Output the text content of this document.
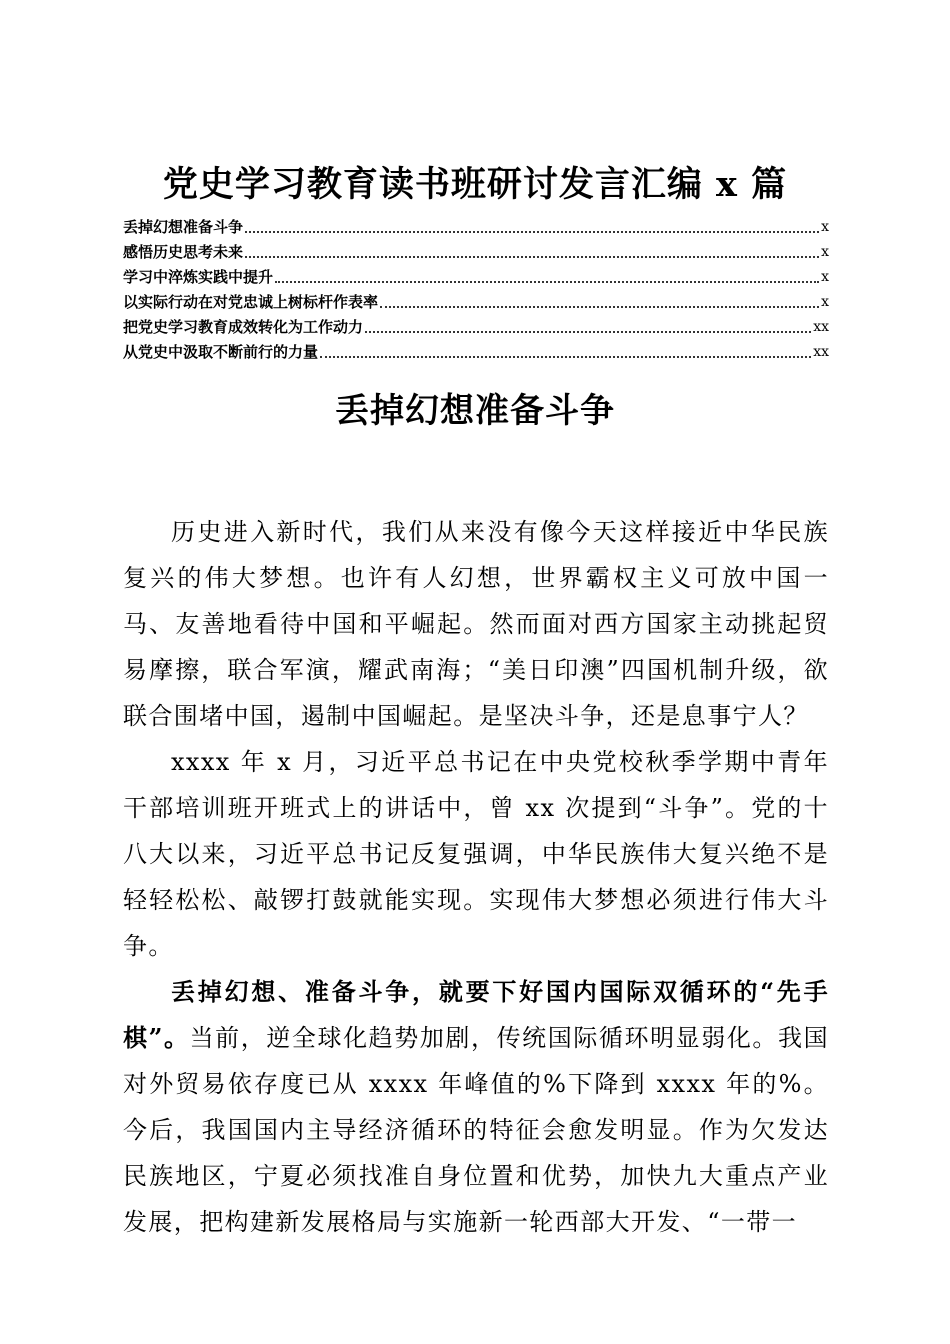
党史学习教育读书班研讨发言汇编 x 篇
丢掉幻想准备斗争	x
感悟历史思考未来	x
学习中淬炼实践中提升	x
以实际行动在对党忠诚上树标杆作表率	x
把党史学习教育成效转化为工作动力	xx
从党史中汲取不断前行的力量	xx
丢掉幻想准备斗争

历史进入新时代，我们从来没有像今天这样接近中华民族复兴的伟大梦想。也许有人幻想，世界霸权主义可放中国一马、友善地看待中国和平崛起。然而面对西方国家主动挑起贸易摩擦，联合军演，耀武南海；“美日印澳”四国机制升级，欲联合围堵中国，遏制中国崛起。是坚决斗争，还是息事宁人？

xxxx 年 x 月，习近平总书记在中央党校秋季学期中青年干部培训班开班式上的讲话中，曾 xx 次提到“斗争”。党的十八大以来，习近平总书记反复强调，中华民族伟大复兴绝不是轻轻松松、敲锣打鼓就能实现。实现伟大梦想必须进行伟大斗争。

丢掉幻想、准备斗争，就要下好国内国际双循环的“先手棋”。当前，逆全球化趋势加剧，传统国际循环明显弱化。我国对外贸易依存度已从 xxxx 年峰值的%下降到 xxxx 年的%。今后，我国国内主导经济循环的特征会愈发明显。作为欠发达民族地区，宁夏必须找准自身位置和优势，加快九大重点产业发展，把构建新发展格局与实施新一轮西部大开发、“一带一
